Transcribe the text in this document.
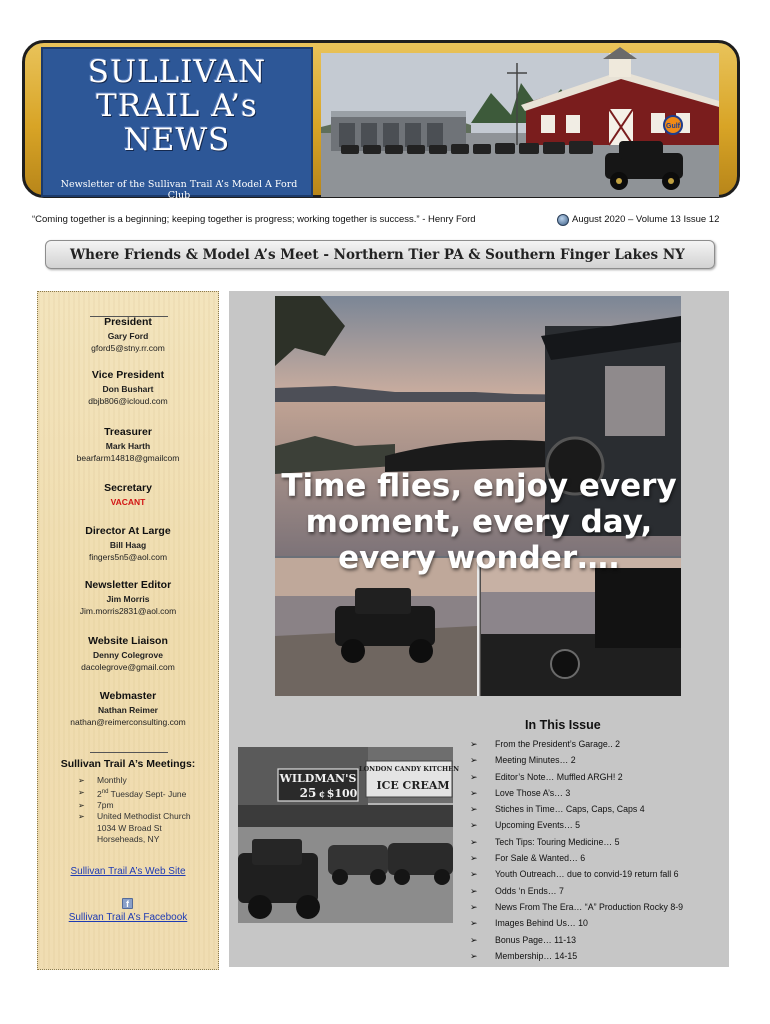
SULLIVAN
TRAIL A’s
NEWS
Newsletter of the Sullivan Trail A’s Model A Ford Club
- Founded 2008 -
Gulf
“Coming together is a beginning; keeping together is progress; working together is success.” - Henry Ford	August 2020 – Volume 13 Issue 12
Where Friends & Model A’s Meet - Northern Tier PA & Southern Finger Lakes NY
President
Gary Ford
gford5@stny.rr.com
Vice President
Don Bushart
dbjb806@icloud.com
Treasurer
Mark Harth
bearfarm14818@gmailcom
Secretary
VACANT
Director At Large
Bill Haag
fingers5n5@aol.com
Newsletter Editor
Jim Morris
Jim.morris2831@aol.com
Website Liaison
Denny Colegrove
dacolegrove@gmail.com
Webmaster
Nathan Reimer
nathan@reimerconsulting.com
Sullivan Trail A’s Meetings:
➢ Monthly
➢ 2nd Tuesday Sept- June
➢ 7pm
➢ United Methodist Church
1034 W Broad St
Horseheads, NY
Sullivan Trail A’s Web Site
f
Sullivan Trail A’s Facebook
Time flies, enjoy every moment, every day, every wonder….
WILDMAN'S
25 ¢ $100
LONDON CANDY KITCHEN
ICE CREAM
In This Issue
➢ From the President’s Garage.. 2
➢ Meeting Minutes… 2
➢ Editor’s Note… Muffled ARGH! 2
➢ Love Those A’s… 3
➢ Stiches in Time… Caps, Caps, Caps 4
➢ Upcoming Events… 5
➢ Tech Tips: Touring Medicine… 5
➢ For Sale & Wanted… 6
➢ Youth Outreach… due to convid-19 return fall 6
➢ Odds ‘n Ends… 7
➢ News From The Era… “A” Production Rocky 8-9
➢ Images Behind Us… 10
➢ Bonus Page… 11-13
➢ Membership… 14-15
